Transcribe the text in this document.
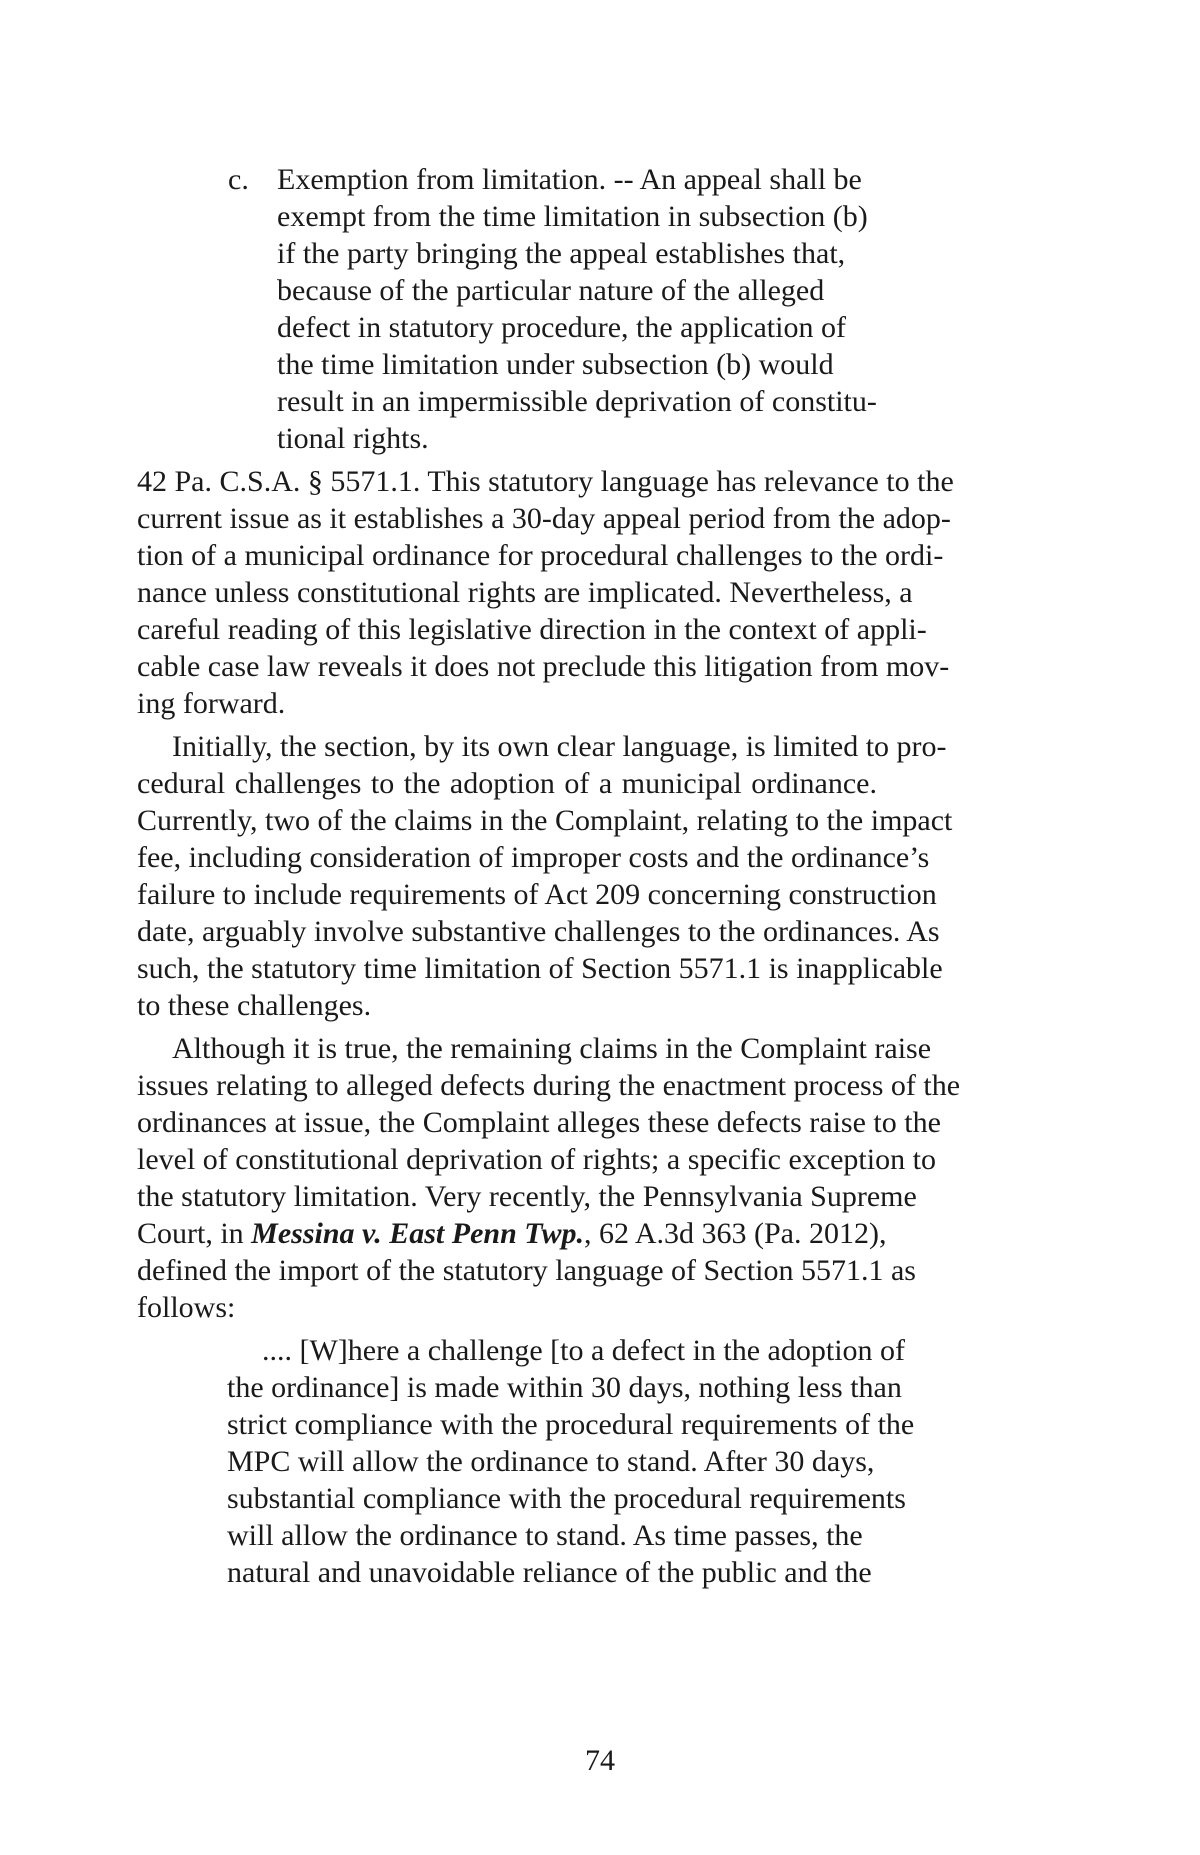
c. Exemption from limitation. -- An appeal shall be
exempt from the time limitation in subsection (b)
if the party bringing the appeal establishes that,
because of the particular nature of the alleged
defect in statutory procedure, the application of
the time limitation under subsection (b) would
result in an impermissible deprivation of constitu-
tional rights.
42 Pa. C.S.A. § 5571.1. This statutory language has relevance to the
current issue as it establishes a 30-day appeal period from the adop-
tion of a municipal ordinance for procedural challenges to the ordi-
nance unless constitutional rights are implicated. Nevertheless, a
careful reading of this legislative direction in the context of appli-
cable case law reveals it does not preclude this litigation from mov-
ing forward.
Initially, the section, by its own clear language, is limited to pro-
cedural challenges to the adoption of a municipal ordinance.
Currently, two of the claims in the Complaint, relating to the impact
fee, including consideration of improper costs and the ordinance’s
failure to include requirements of Act 209 concerning construction
date, arguably involve substantive challenges to the ordinances. As
such, the statutory time limitation of Section 5571.1 is inapplicable
to these challenges.
Although it is true, the remaining claims in the Complaint raise
issues relating to alleged defects during the enactment process of the
ordinances at issue, the Complaint alleges these defects raise to the
level of constitutional deprivation of rights; a specific exception to
the statutory limitation. Very recently, the Pennsylvania Supreme
Court, in Messina v. East Penn Twp., 62 A.3d 363 (Pa. 2012),
defined the import of the statutory language of Section 5571.1 as
follows:
.... [W]here a challenge [to a defect in the adoption of
the ordinance] is made within 30 days, nothing less than
strict compliance with the procedural requirements of the
MPC will allow the ordinance to stand. After 30 days,
substantial compliance with the procedural requirements
will allow the ordinance to stand. As time passes, the
natural and unavoidable reliance of the public and the
74
